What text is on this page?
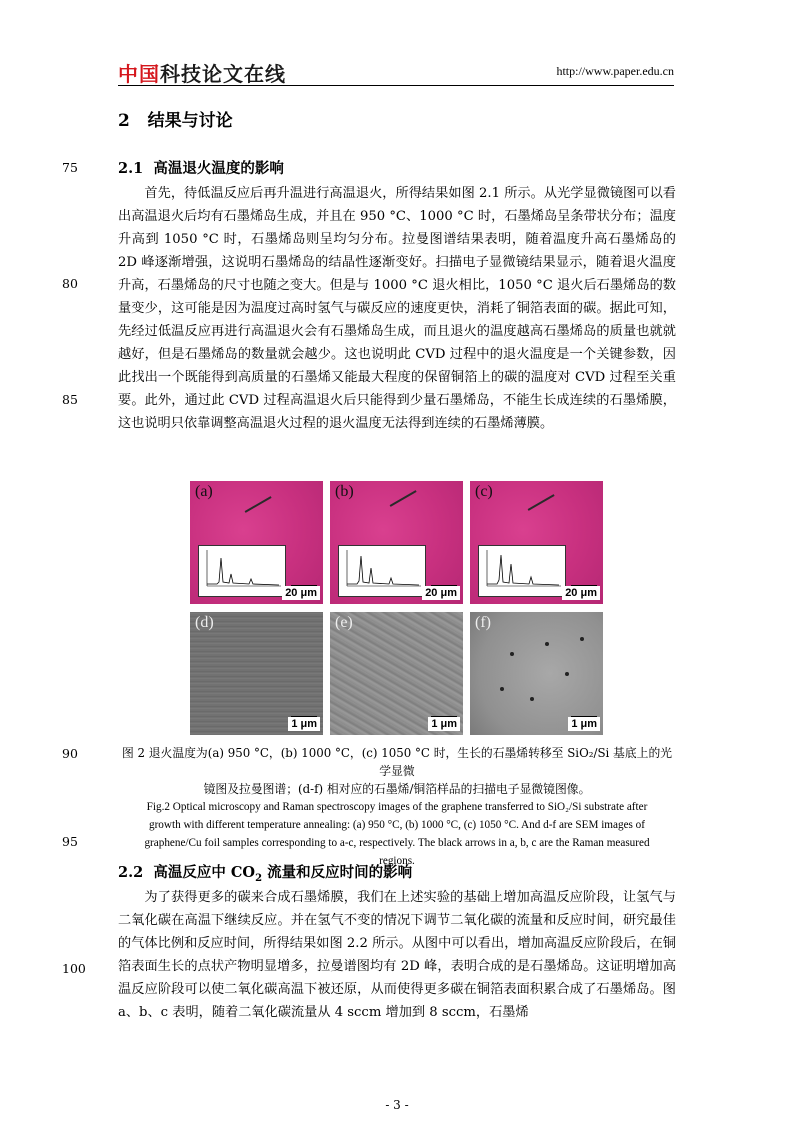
中国科技论文在线	http://www.paper.edu.cn
2 结果与讨论
75	2.1 高温退火温度的影响

首先，待低温反应后再升温进行高温退火，所得结果如图 2.1 所示。从光学显微镜图可以看出高温退火后均有石墨烯岛生成，并且在 950 °C、1000 °C 时，石墨烯岛呈条带状分布；温度升高到 1050 °C 时，石墨烯岛则呈均匀分布。拉曼图谱结果表明，随着温度升高石墨烯岛的 2D 峰逐渐增强，这说明石墨烯岛的结晶性逐渐变好。扫描电子显微镜结果显示，随着退火温度升高，石墨烯岛的尺寸也随之变大。但是与 1000 °C 退火相比，1050 °C 退火后石墨烯岛的数量变少，这可能是因为温度过高时氢气与碳反应的速度更快，消耗了铜箔表面的碳。据此可知，先经过低温反应再进行高温退火会有石墨烯岛生成，而且退火的温度越高石墨烯岛的质量也就就越好，但是石墨烯岛的数量就会越少。这也说明此 CVD 过程中的退火温度是一个关键参数，因此找出一个既能得到高质量的石墨烯又能最大程度的保留铜箔上的碳的温度对 CVD 过程至关重要。此外，通过此 CVD 过程高温退火后只能得到少量石墨烯岛，不能生长成连续的石墨烯膜，这也说明只依靠调整高温退火过程的退火温度无法得到连续的石墨烯薄膜。

80
85
(a)
20 μm
(b)
20 μm
(c)
20 μm
(d)
1 μm
(e)
1 μm
(f)
1 μm
90	图 2 退火温度为(a) 950 °C，(b) 1000 °C，(c) 1050 °C 时，生长的石墨烯转移至 SiO₂/Si 基底上的光学显微
镜图及拉曼图谱；(d-f) 相对应的石墨烯/铜箔样品的扫描电子显微镜图像。
Fig.2 Optical microscopy and Raman spectroscopy images of the graphene transferred to SiO₂/Si substrate after
growth with different temperature annealing: (a) 950 °C, (b) 1000 °C, (c) 1050 °C. And d-f are SEM images of
graphene/Cu foil samples corresponding to a-c, respectively. The black arrows in a, b, c are the Raman measured
regions.
95
2.2 高温反应中 $CO_2$ 流量和反应时间的影响

为了获得更多的碳来合成石墨烯膜，我们在上述实验的基础上增加高温反应阶段，让氢气与二氧化碳在高温下继续反应。并在氢气不变的情况下调节二氧化碳的流量和反应时间，研究最佳的气体比例和反应时间，所得结果如图 2.2 所示。从图中可以看出，增加高温反应阶段后，在铜箔表面生长的点状产物明显增多，拉曼谱图均有 2D 峰，表明合成的是石墨烯岛。这证明增加高温反应阶段可以使二氧化碳高温下被还原，从而使得更多碳在铜箔表面积累合成了石墨烯岛。图 a、b、c 表明，随着二氧化碳流量从 4 sccm 增加到 8 sccm，石墨烯

100
- 3 -
